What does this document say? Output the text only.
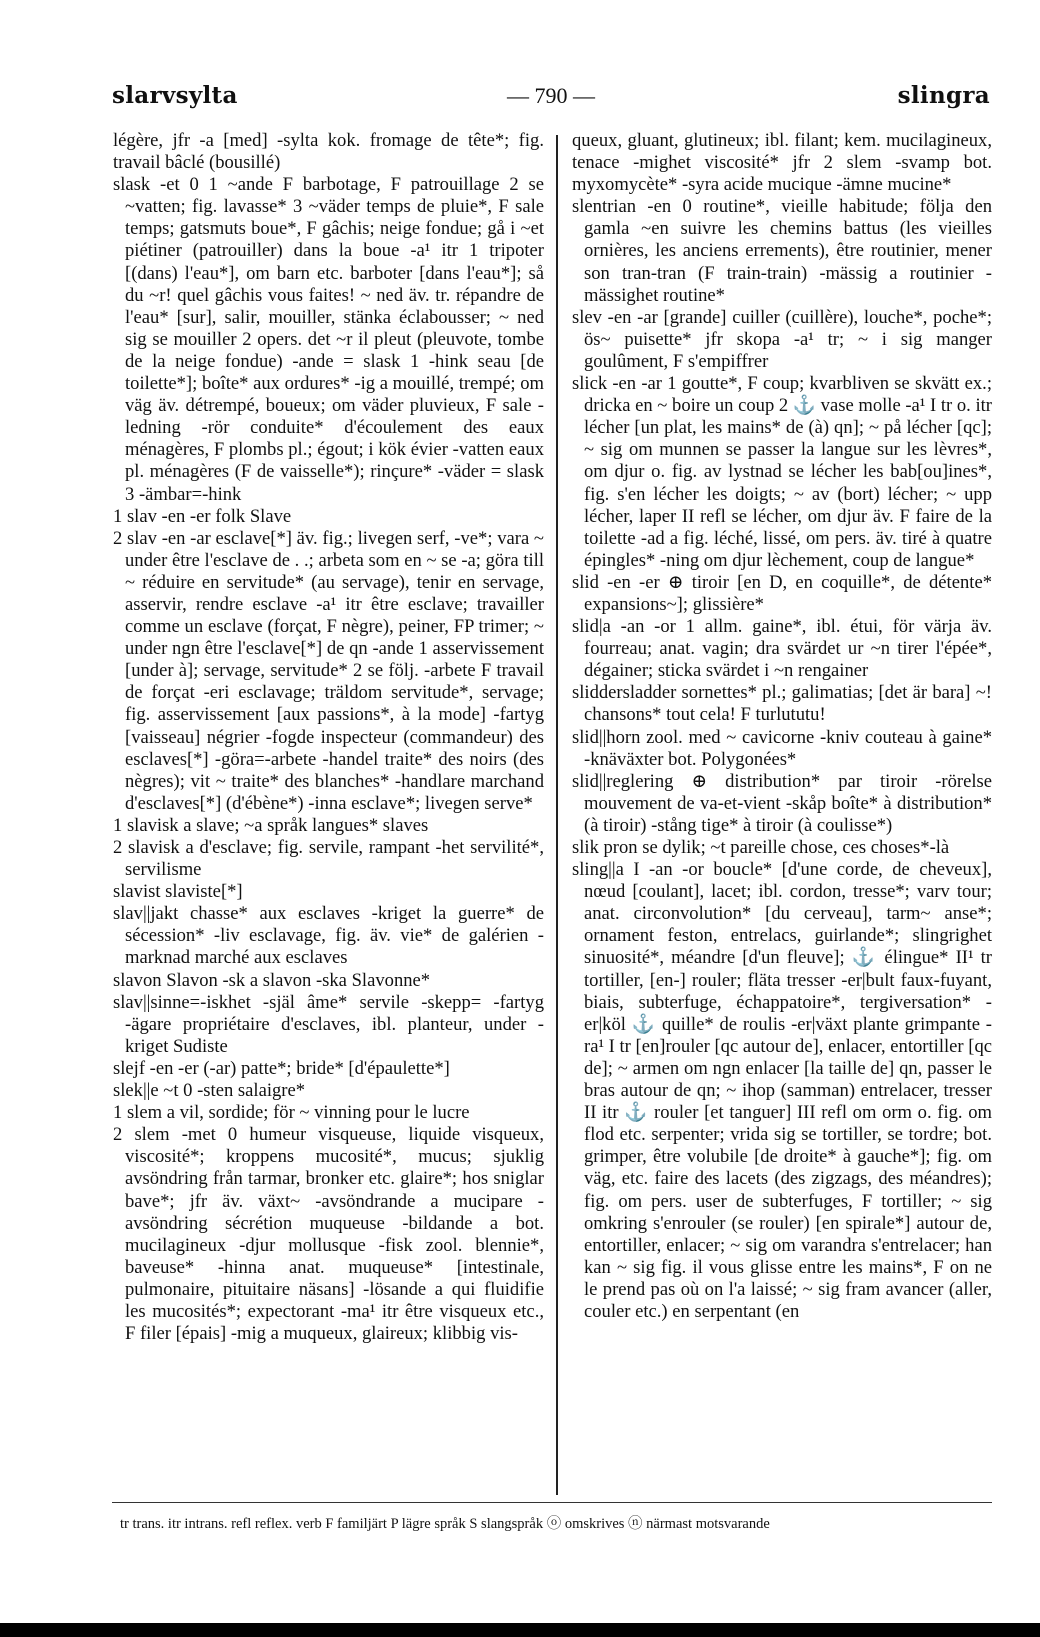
slarvsylta	— 790 —	slingra

légère, jfr -a [med] -sylta kok. fromage de tête*; fig. travail bâclé (bousillé)

slask -et 0 1 ~ande F barbotage, F patrouillage 2 se ~vatten; fig. lavasse* 3 ~väder temps de pluie*, F sale temps; gatsmuts boue*, F gâchis; neige fondue; gå i ~et piétiner (patrouiller) dans la boue -a¹ itr 1 tripoter [(dans) l'eau*], om barn etc. barboter [dans l'eau*]; så du ~r! quel gâchis vous faites! ~ ned äv. tr. répandre de l'eau* [sur], salir, mouiller, stänka éclabousser; ~ ned sig se mouiller 2 opers. det ~r il pleut (pleuvote, tombe de la neige fondue) -ande = slask 1 -hink seau [de toilette*]; boîte* aux ordures* -ig a mouillé, trempé; om väg äv. détrempé, boueux; om väder pluvieux, F sale -ledning -rör conduite* d'écoulement des eaux ménagères, F plombs pl.; égout; i kök évier -vatten eaux pl. ménagères (F de vaisselle*); rinçure* -väder = slask 3 -ämbar=-hink

1 slav -en -er folk Slave

2 slav -en -ar esclave[*] äv. fig.; livegen serf, -ve*; vara ~ under être l'esclave de . .; arbeta som en ~ se -a; göra till ~ réduire en servitude* (au servage), tenir en servage, asservir, rendre esclave -a¹ itr être esclave; travailler comme un esclave (forçat, F nègre), peiner, FP trimer; ~ under ngn être l'esclave[*] de qn -ande 1 asservissement [under à]; servage, servitude* 2 se följ. -arbete F travail de forçat -eri esclavage; träldom servitude*, servage; fig. asservissement [aux passions*, à la mode] -fartyg [vaisseau] négrier -fogde inspecteur (commandeur) des esclaves[*] -göra=-arbete -handel traite* des noirs (des nègres); vit ~ traite* des blanches* -handlare marchand d'esclaves[*] (d'ébène*) -inna esclave*; livegen serve*

1 slavisk a slave; ~a språk langues* slaves

2 slavisk a d'esclave; fig. servile, rampant -het servilité*, servilisme

slavist slaviste[*]

slav||jakt chasse* aux esclaves -kriget la guerre* de sécession* -liv esclavage, fig. äv. vie* de galérien -marknad marché aux esclaves

slavon Slavon -sk a slavon -ska Slavonne*

slav||sinne=-iskhet -själ âme* servile -skepp= -fartyg -ägare propriétaire d'esclaves, ibl. planteur, under -kriget Sudiste

slejf -en -er (-ar) patte*; bride* [d'épaulette*]

slek||e ~t 0 -sten salaigre*

1 slem a vil, sordide; för ~ vinning pour le lucre

2 slem -met 0 humeur visqueuse, liquide visqueux, viscosité*; kroppens mucosité*, mucus; sjuklig avsöndring från tarmar, bronker etc. glaire*; hos sniglar bave*; jfr äv. växt~ -avsöndrande a mucipare -avsöndring sécrétion muqueuse -bildande a bot. mucilagineux -djur mollusque -fisk zool. blennie*, baveuse* -hinna anat. muqueuse* [intestinale, pulmonaire, pituitaire näsans] -lösande a qui fluidifie les mucosités*; expectorant -ma¹ itr être visqueux etc., F filer [épais] -mig a muqueux, glaireux; klibbig vis-

queux, gluant, glutineux; ibl. filant; kem. mucilagineux, tenace -mighet viscosité* jfr 2 slem -svamp bot. myxomycète* -syra acide mucique -ämne mucine*

slentrian -en 0 routine*, vieille habitude; följa den gamla ~en suivre les chemins battus (les vieilles ornières, les anciens errements), être routinier, mener son tran-tran (F train-train) -mässig a routinier -mässighet routine*

slev -en -ar [grande] cuiller (cuillère), louche*, poche*; ös~ puisette* jfr skopa -a¹ tr; ~ i sig manger goulûment, F s'empiffrer

slick -en -ar 1 goutte*, F coup; kvarbliven se skvätt ex.; dricka en ~ boire un coup 2 ⚓ vase molle -a¹ I tr o. itr lécher [un plat, les mains* de (à) qn]; ~ på lécher [qc]; ~ sig om munnen se passer la langue sur les lèvres*, om djur o. fig. av lystnad se lécher les bab[ou]ines*, fig. s'en lécher les doigts; ~ av (bort) lécher; ~ upp lécher, laper II refl se lécher, om djur äv. F faire de la toilette -ad a fig. léché, lissé, om pers. äv. tiré à quatre épingles* -ning om djur lèchement, coup de langue*

slid -en -er ⊕ tiroir [en D, en coquille*, de détente* expansions~]; glissière*

slid|a -an -or 1 allm. gaine*, ibl. étui, för värja äv. fourreau; anat. vagin; dra svärdet ur ~n tirer l'épée*, dégainer; sticka svärdet i ~n rengainer

sliddersladder sornettes* pl.; galimatias; [det är bara] ~! chansons* tout cela! F turlututu!

slid||horn zool. med ~ cavicorne -kniv couteau à gaine* -knäväxter bot. Polygonées*

slid||reglering ⊕ distribution* par tiroir -rörelse mouvement de va-et-vient -skåp boîte* à distribution* (à tiroir) -stång tige* à tiroir (à coulisse*)

slik pron se dylik; ~t pareille chose, ces choses*-là

sling||a I -an -or boucle* [d'une corde, de cheveux], nœud [coulant], lacet; ibl. cordon, tresse*; varv tour; anat. circonvolution* [du cerveau], tarm~ anse*; ornament feston, entrelacs, guirlande*; slingrighet sinuosité*, méandre [d'un fleuve]; ⚓ élingue* II¹ tr tortiller, [en-] rouler; fläta tresser -er|bult faux-fuyant, biais, subterfuge, échappatoire*, tergiversation* -er|köl ⚓ quille* de roulis -er|växt plante grimpante -ra¹ I tr [en]rouler [qc autour de], enlacer, entortiller [qc de]; ~ armen om ngn enlacer [la taille de] qn, passer le bras autour de qn; ~ ihop (samman) entrelacer, tresser II itr ⚓ rouler [et tanguer] III refl om orm o. fig. om flod etc. serpenter; vrida sig se tortiller, se tordre; bot. grimper, être volubile [de droite* à gauche*]; fig. om väg, etc. faire des lacets (des zigzags, des méandres); fig. om pers. user de subterfuges, F tortiller; ~ sig omkring s'enrouler (se rouler) [en spirale*] autour de, entortiller, enlacer; ~ sig om varandra s'entrelacer; han kan ~ sig fig. il vous glisse entre les mains*, F on ne le prend pas où on l'a laissé; ~ sig fram avancer (aller, couler etc.) en serpentant (en

tr trans. itr intrans. refl reflex. verb F familjärt P lägre språk S slangspråk ⓞ omskrives ⓝ närmast motsvarande
